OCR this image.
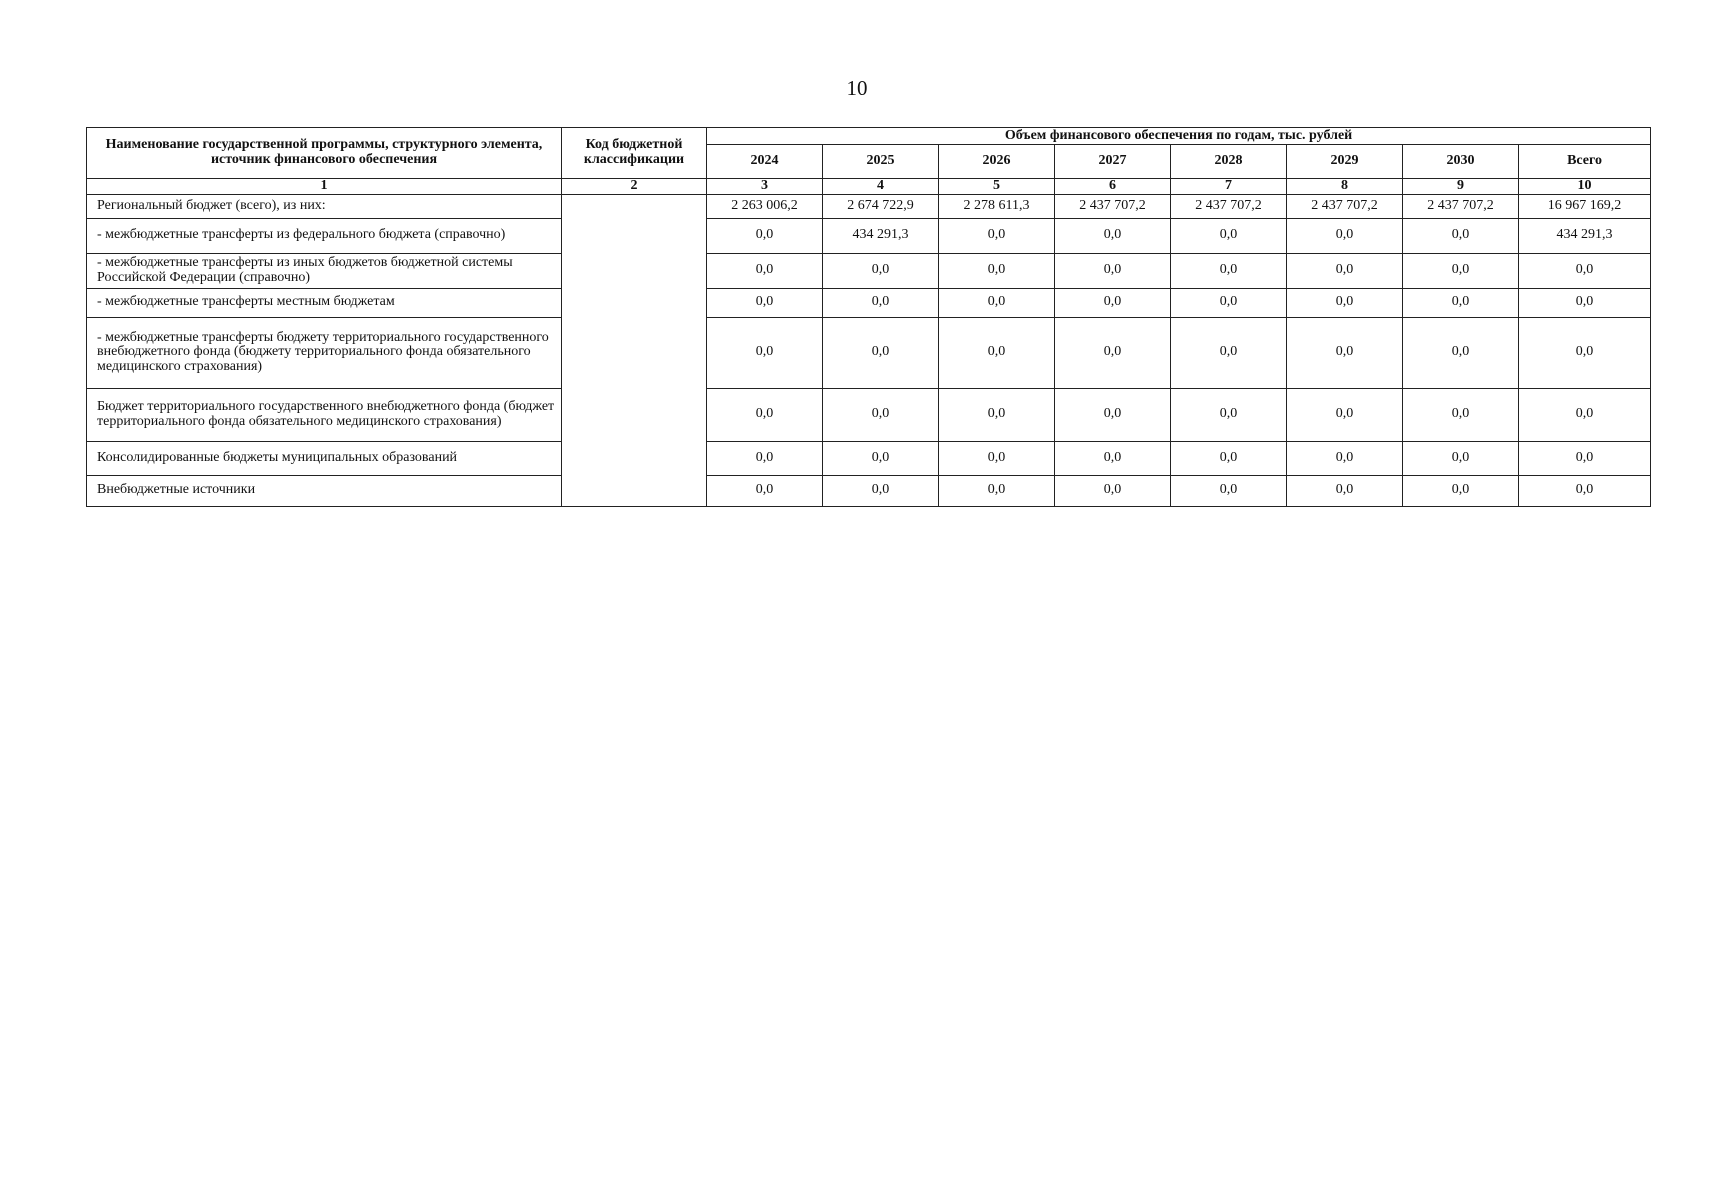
10
Наименование государственной программы, структурного элемента, источник финансового обеспечения	Код бюджетной классификации	Объем финансового обеспечения по годам, тыс. рублей							
		2024	2025	2026	2027	2028	2029	2030	Всего
1	2	3	4	5	6	7	8	9	10
Региональный бюджет (всего), из них:		2 263 006,2	2 674 722,9	2 278 611,3	2 437 707,2	2 437 707,2	2 437 707,2	2 437 707,2	16 967 169,2
- межбюджетные трансферты из федерального бюджета (справочно)		0,0	434 291,3	0,0	0,0	0,0	0,0	0,0	434 291,3
- межбюджетные трансферты из иных бюджетов бюджетной системы Российской Федерации (справочно)		0,0	0,0	0,0	0,0	0,0	0,0	0,0	0,0
- межбюджетные трансферты местным бюджетам		0,0	0,0	0,0	0,0	0,0	0,0	0,0	0,0
- межбюджетные трансферты бюджету территориального государственного внебюджетного фонда (бюджету территориального фонда обязательного медицинского страхования)		0,0	0,0	0,0	0,0	0,0	0,0	0,0	0,0
Бюджет территориального государственного внебюджетного фонда (бюджет территориального фонда обязательного медицинского страхования)		0,0	0,0	0,0	0,0	0,0	0,0	0,0	0,0
Консолидированные бюджеты муниципальных образований		0,0	0,0	0,0	0,0	0,0	0,0	0,0	0,0
Внебюджетные источники		0,0	0,0	0,0	0,0	0,0	0,0	0,0	0,0
